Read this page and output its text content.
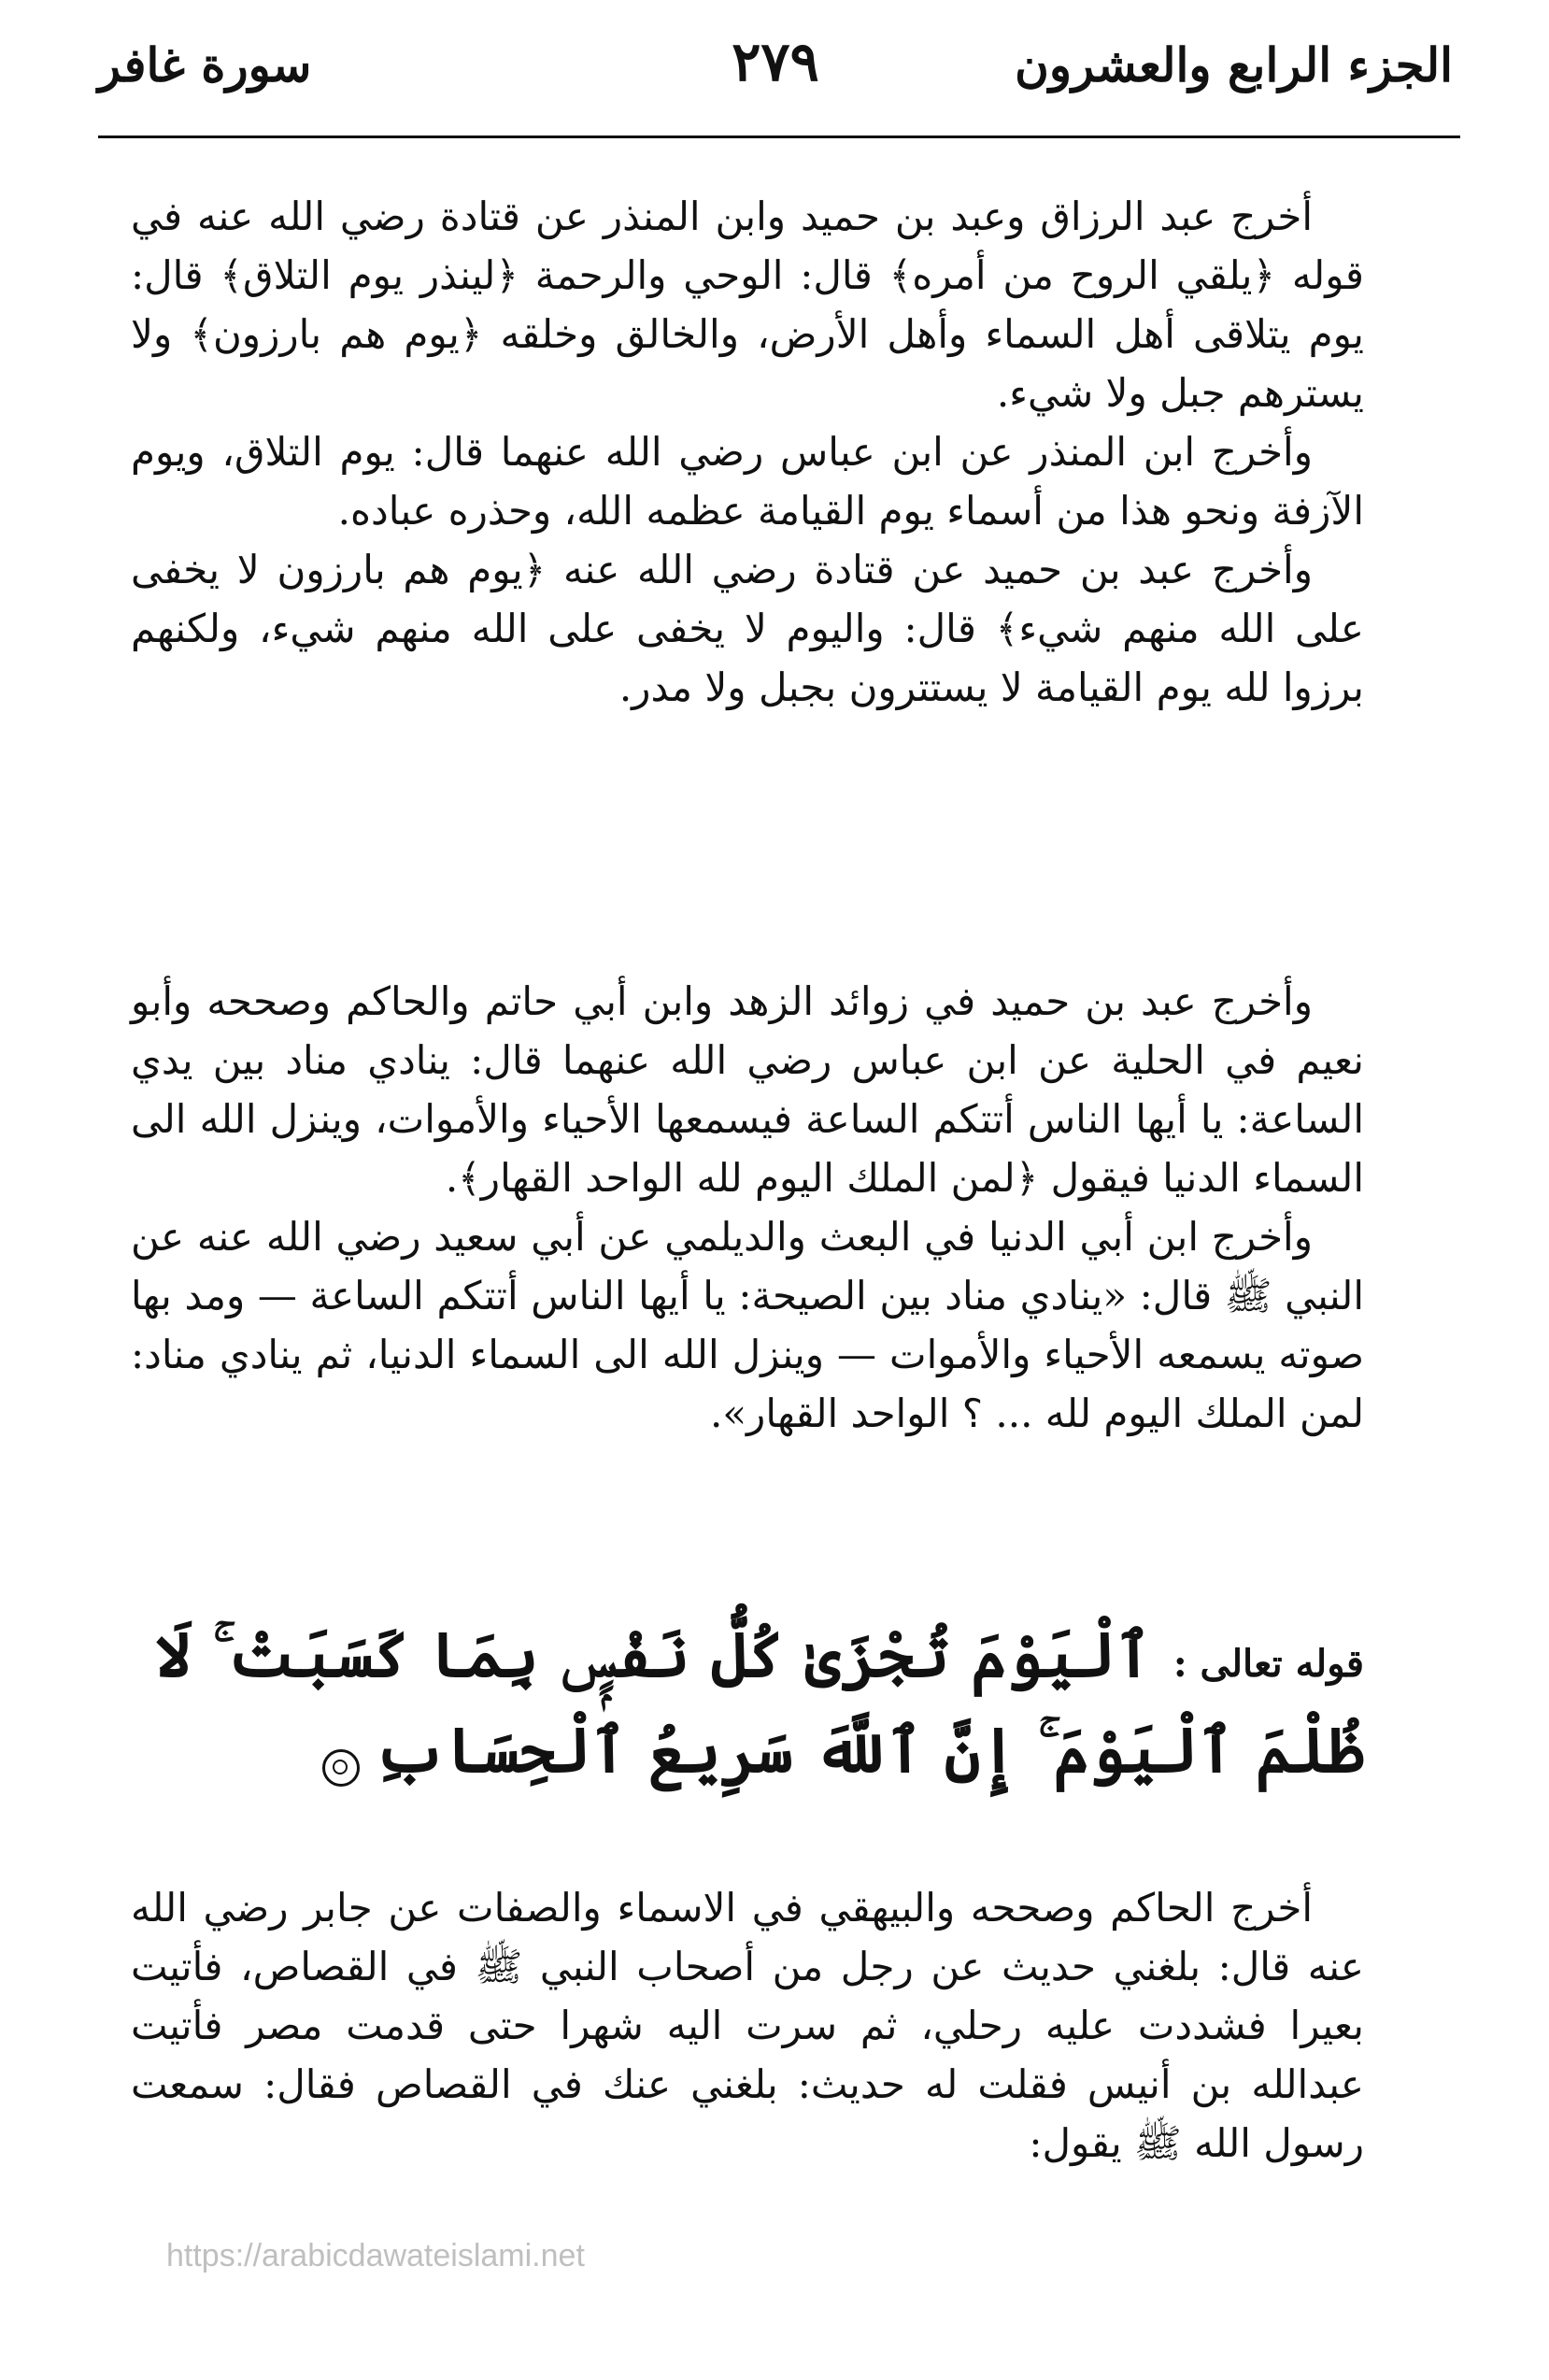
الجزء الرابع والعشرون
٢٧٩
سورة غافر

أخرج عبد الرزاق وعبد بن حميد وابن المنذر عن قتادة رضي الله عنه في قوله ﴿يلقي الروح من أمره﴾ قال: الوحي والرحمة ﴿لينذر يوم التلاق﴾ قال: يوم يتلاقى أهل السماء وأهل الأرض، والخالق وخلقه ﴿يوم هم بارزون﴾ ولا يسترهم جبل ولا شيء.

وأخرج ابن المنذر عن ابن عباس رضي الله عنهما قال: يوم التلاق، ويوم الآزفة ونحو هذا من أسماء يوم القيامة عظمه الله، وحذره عباده.

وأخرج عبد بن حميد عن قتادة رضي الله عنه ﴿يوم هم بارزون لا يخفى على الله منهم شيء﴾ قال: واليوم لا يخفى على الله منهم شيء، ولكنهم برزوا لله يوم القيامة لا يستترون بجبل ولا مدر.

وأخرج عبد بن حميد في زوائد الزهد وابن أبي حاتم والحاكم وصححه وأبو نعيم في الحلية عن ابن عباس رضي الله عنهما قال: ينادي مناد بين يدي الساعة: يا أيها الناس أتتكم الساعة فيسمعها الأحياء والأموات، وينزل الله الى السماء الدنيا فيقول ﴿لمن الملك اليوم لله الواحد القهار﴾.

وأخرج ابن أبي الدنيا في البعث والديلمي عن أبي سعيد رضي الله عنه عن النبي ﷺ قال: «ينادي مناد بين الصيحة: يا أيها الناس أتتكم الساعة — ومد بها صوته يسمعه الأحياء والأموات — وينزل الله الى السماء الدنيا، ثم ينادي مناد: لمن الملك اليوم لله ... ؟ الواحد القهار».

قوله تعالى : ٱلْيَوْمَ تُجْزَىٰ كُلُّ نَفْسٍۭ بِمَا كَسَبَتْ ۚ لَا ظُلْمَ ٱلْيَوْمَ ۚ إِنَّ ٱللَّهَ سَرِيعُ ٱلْحِسَابِ

أخرج الحاكم وصححه والبيهقي في الاسماء والصفات عن جابر رضي الله عنه قال: بلغني حديث عن رجل من أصحاب النبي ﷺ في القصاص، فأتيت بعيرا فشددت عليه رحلي، ثم سرت اليه شهرا حتى قدمت مصر فأتيت عبدالله بن أنيس فقلت له حديث: بلغني عنك في القصاص فقال: سمعت رسول الله ﷺ يقول:

https://arabicdawateislami.net
